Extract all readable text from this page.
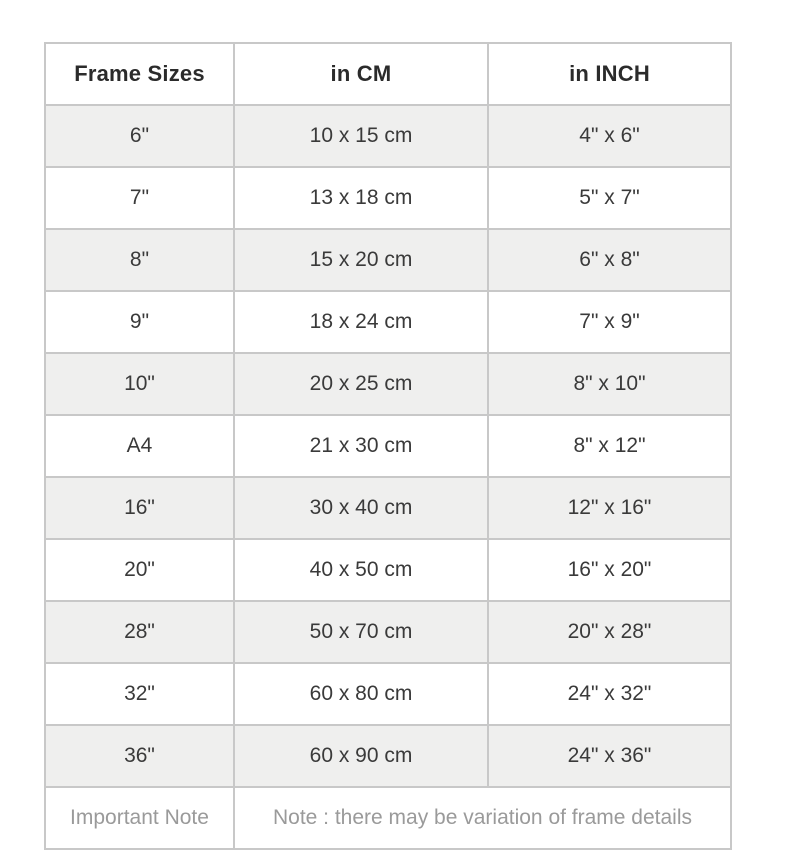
Frame Sizes	in CM	in INCH
6"	10 x 15 cm	4" x 6"
7"	13 x 18 cm	5" x 7"
8"	15 x 20 cm	6" x 8"
9"	18 x 24 cm	7" x 9"
10"	20 x 25 cm	8" x 10"
A4	21 x 30 cm	8" x 12"
16"	30 x 40 cm	12" x 16"
20"	40 x 50 cm	16" x 20"
28"	50 x 70 cm	20" x 28"
32"	60 x 80 cm	24" x 32"
36"	60 x 90 cm	24" x 36"
Important Note	Note : there may be variation of frame details	
